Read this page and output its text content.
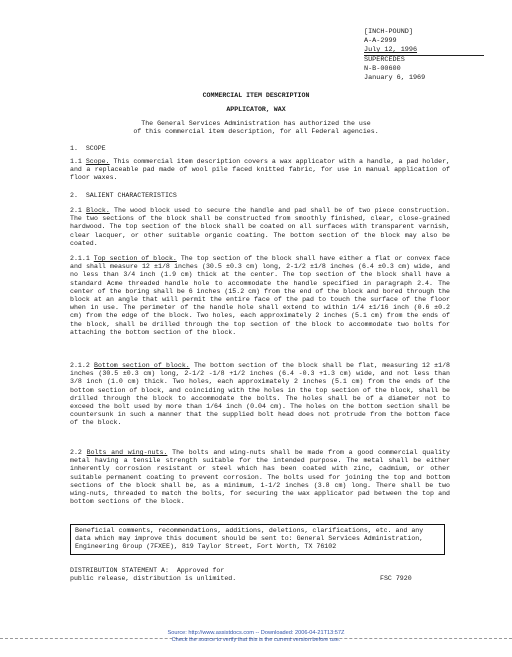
[INCH-POUND]
A-A-2999
July 12, 1996
SUPERCEDES
N-B-00600
January 6, 1969
COMMERCIAL ITEM DESCRIPTION
APPLICATOR, WAX
The General Services Administration has authorized the use
of this commercial item description, for all Federal agencies.
1.  SCOPE

1.1 Scope. This commercial item description covers a wax applicator with a handle, a pad holder, and a replaceable pad made of wool pile faced knitted fabric, for use in manual application of floor waxes.

2.  SALIENT CHARACTERISTICS

2.1 Block. The wood block used to secure the handle and pad shall be of two piece construction. The two sections of the block shall be constructed from smoothly finished, clear, close-grained hardwood. The top section of the block shall be coated on all surfaces with transparent varnish, clear lacquer, or other suitable organic coating. The bottom section of the block may also be coated.

2.1.1 Top section of block. The top section of the block shall have either a flat or convex face and shall measure 12 ±1/8 inches (30.5 ±0.3 cm) long, 2-1/2 ±1/8 inches (6.4 ±0.3 cm) wide, and no less than 3/4 inch (1.9 cm) thick at the center. The top section of the block shall have a standard Acme threaded handle hole to accommodate the handle specified in paragraph 2.4. The center of the boring shall be 6 inches (15.2 cm) from the end of the block and bored through the block at an angle that will permit the entire face of the pad to touch the surface of the floor when in use. The perimeter of the handle hole shall extend to within 1/4 ±1/16 inch (0.6 ±0.2 cm) from the edge of the block. Two holes, each approximately 2 inches (5.1 cm) from the ends of the block, shall be drilled through the top section of the block to accommodate two bolts for attaching the bottom section of the block.

2.1.2 Bottom section of block. The bottom section of the block shall be flat, measuring 12 ±1/8 inches (30.5 ±0.3 cm) long, 2-1/2 -1/8 +1/2 inches (6.4 -0.3 +1.3 cm) wide, and not less than 3/8 inch (1.0 cm) thick. Two holes, each approximately 2 inches (5.1 cm) from the ends of the bottom section of block, and coinciding with the holes in the top section of the block, shall be drilled through the block to accommodate the bolts. The holes shall be of a diameter not to exceed the bolt used by more than 1/64 inch (0.04 cm). The holes on the bottom section shall be countersunk in such a manner that the supplied bolt head does not protrude from the bottom face of the block.

2.2 Bolts and wing-nuts. The bolts and wing-nuts shall be made from a good commercial quality metal having a tensile strength suitable for the intended purpose. The metal shall be either inherently corrosion resistant or steel which has been coated with zinc, cadmium, or other suitable permanent coating to prevent corrosion. The bolts used for joining the top and bottom sections of the block shall be, as a minimum, 1-1/2 inches (3.8 cm) long. There shall be two wing-nuts, threaded to match the bolts, for securing the wax applicator pad between the top and bottom sections of the block.

Beneficial comments, recommendations, additions, deletions, clarifications, etc. and any data which may improve this document should be sent to: General Services Administration, Engineering Group (7FXEE), 819 Taylor Street, Fort Worth, TX 76102
DISTRIBUTION STATEMENT A:  Approved for
public release, distribution is unlimited.	FSC 7920
Source: http://www.assistdocs.com -- Downloaded: 2006-04-21T13:57Z
Check the source to verify that this is the current version before use.
